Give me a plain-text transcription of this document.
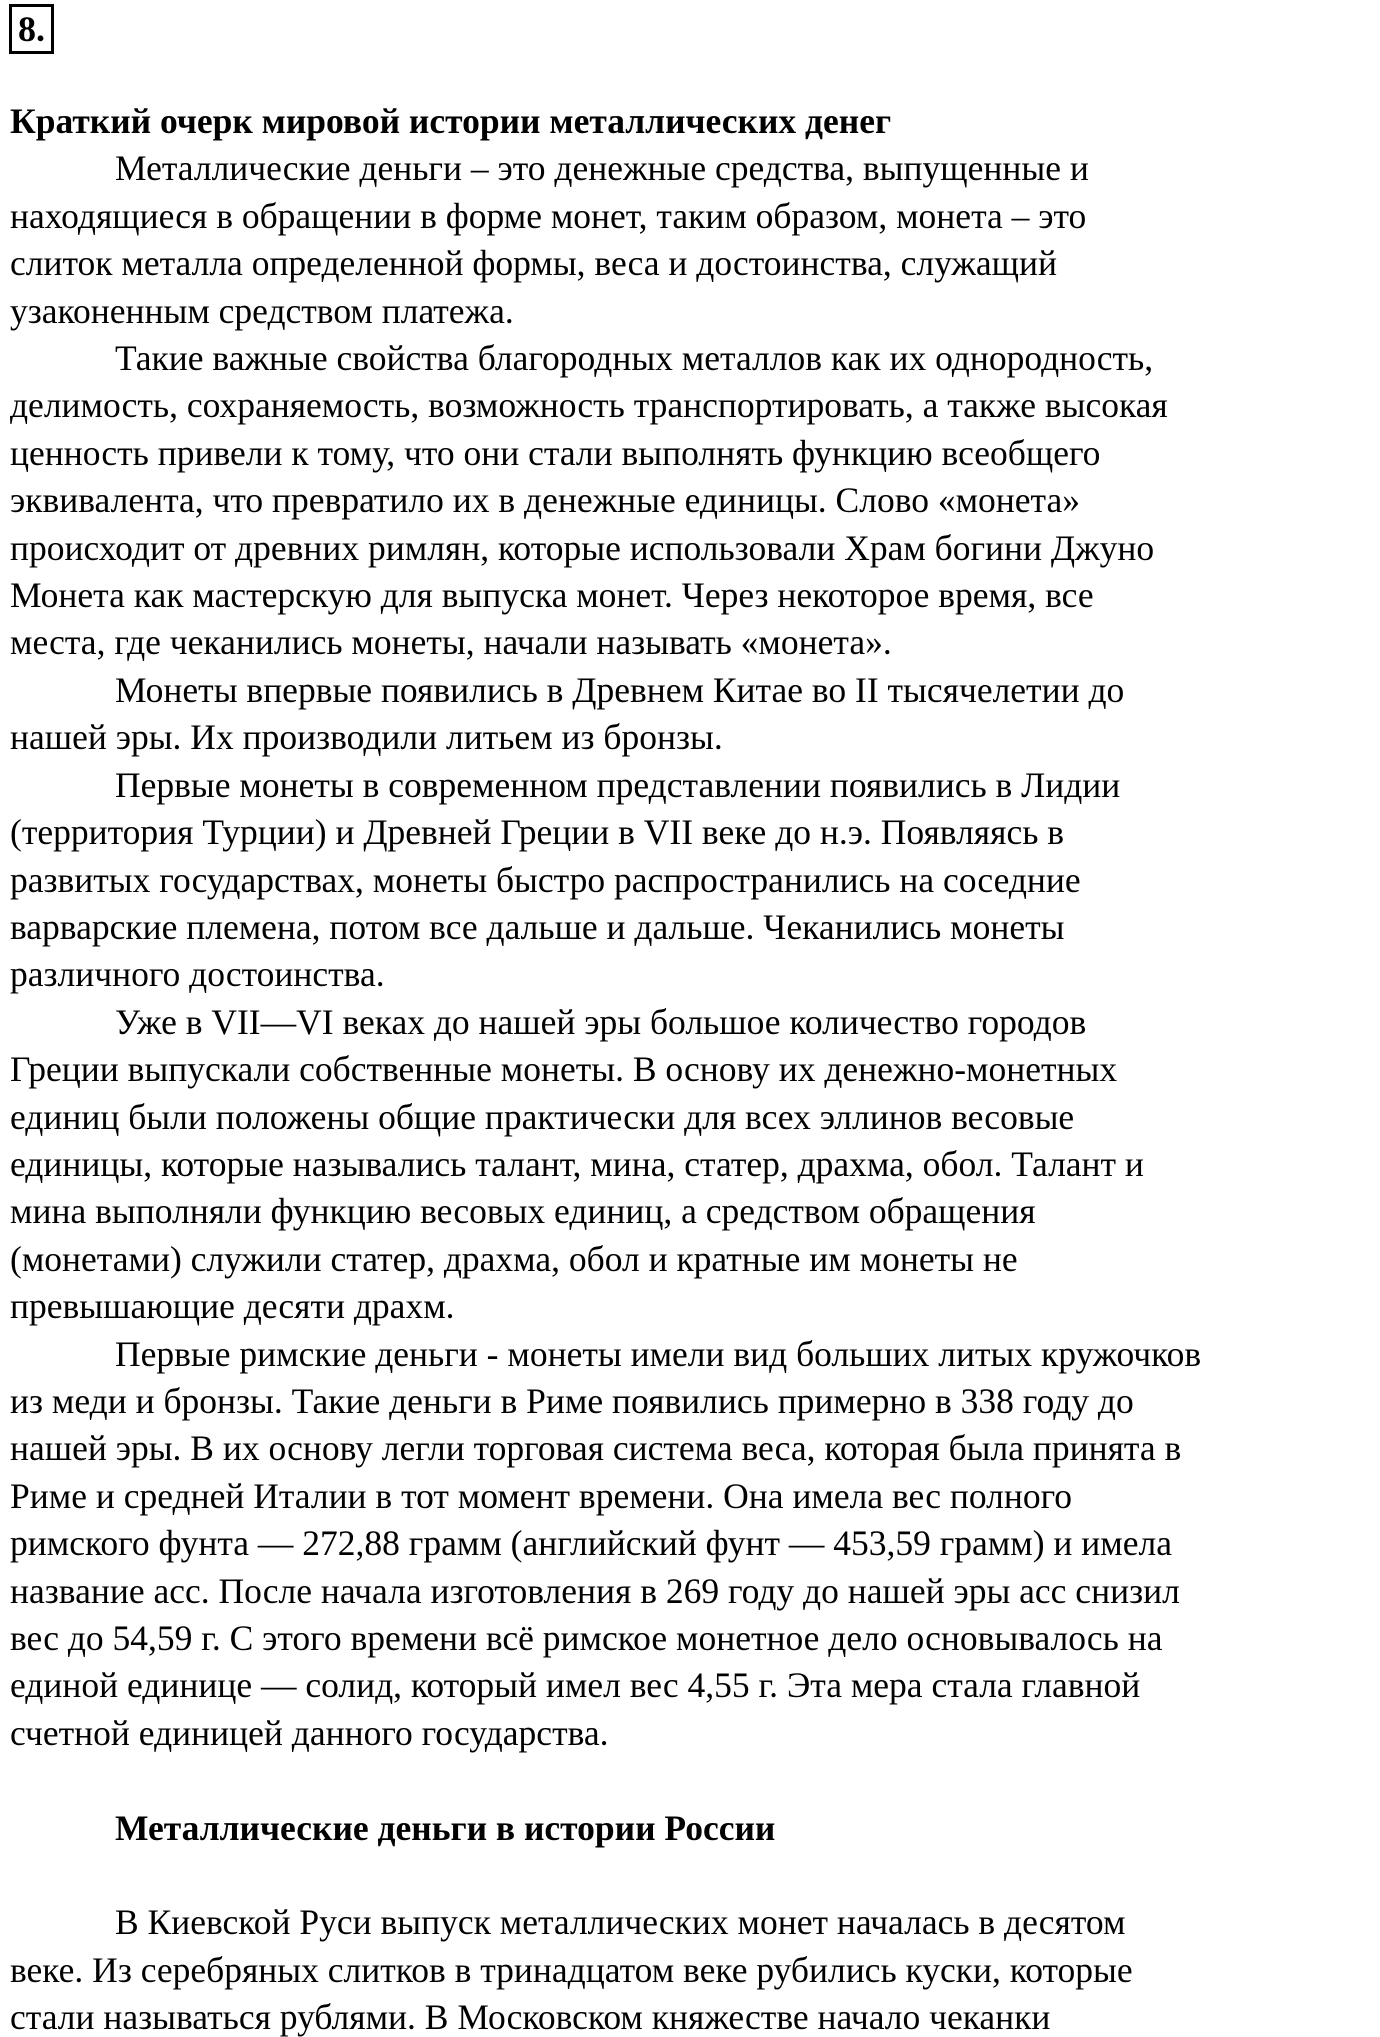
8.

Краткий очерк мировой истории металлических денег

Металлические деньги – это денежные средства, выпущенные и

находящиеся в обращении в форме монет, таким образом, монета – это

слиток металла определенной формы, веса и достоинства, служащий

узаконенным средством платежа.

Такие важные свойства благородных металлов как их однородность,

делимость, сохраняемость, возможность транспортировать, а также высокая

ценность привели к тому, что они стали выполнять функцию всеобщего

эквивалента, что превратило их в денежные единицы. Слово «монета»

происходит от древних римлян, которые использовали Храм богини Джуно

Монета как мастерскую для выпуска монет. Через некоторое время, все

места, где чеканились монеты, начали называть «монета».

Монеты впервые появились в Древнем Китае во II тысячелетии до

нашей эры. Их производили литьем из бронзы.

Первые монеты в современном представлении появились в Лидии

(территория Турции) и Древней Греции в VII веке до н.э. Появляясь в

развитых государствах, монеты быстро распространились на соседние

варварские племена, потом все дальше и дальше. Чеканились монеты

различного достоинства.

Уже в VII—VI веках до нашей эры большое количество городов

Греции выпускали собственные монеты. В основу их денежно-монетных

единиц были положены общие практически для всех эллинов весовые

единицы, которые назывались талант, мина, статер, драхма, обол. Талант и

мина выполняли функцию весовых единиц, а средством обращения

(монетами) служили статер, драхма, обол и кратные им монеты не

превышающие десяти драхм.

Первые римские деньги - монеты имели вид больших литых кружочков

из меди и бронзы. Такие деньги в Риме появились примерно в 338 году до

нашей эры. В их основу легли торговая система веса, которая была принята в

Риме и средней Италии в тот момент времени. Она имела вес полного

римского фунта — 272,88 грамм (английский фунт — 453,59 грамм) и имела

название асс. После начала изготовления в 269 году до нашей эры асс снизил

вес до 54,59 г. С этого времени всё римское монетное дело основывалось на

единой единице — солид, который имел вес 4,55 г. Эта мера стала главной

счетной единицей данного государства.

Металлические деньги в истории России

В Киевской Руси выпуск металлических монет началась в десятом

веке. Из серебряных слитков в тринадцатом веке рубились куски, которые

стали называться рублями. В Московском княжестве начало чеканки
